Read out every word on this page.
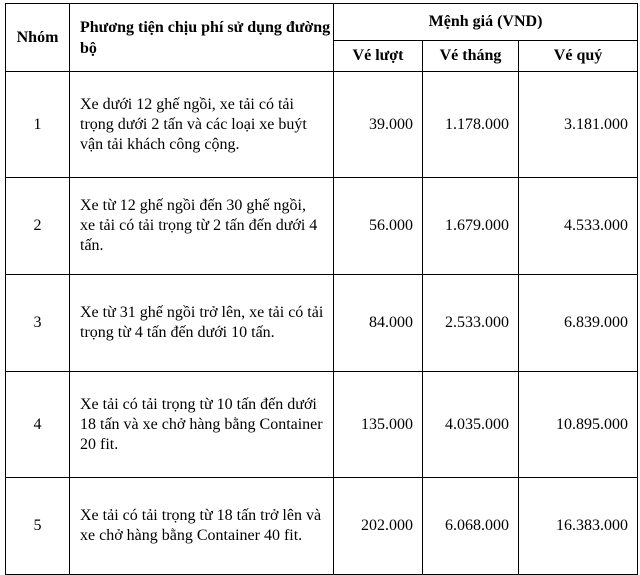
Nhóm	Phương tiện chịu phí sử dụng đường bộ	Mệnh giá (VND)		
		Vé lượt	Vé tháng	Vé quý
1	Xe dưới 12 ghế ngồi, xe tải có tải trọng dưới 2 tấn và các loại xe buýt vận tải khách công cộng.	39.000	1.178.000	3.181.000
2	Xe từ 12 ghế ngồi đến 30 ghế ngồi, xe tải có tải trọng từ 2 tấn đến dưới 4 tấn.	56.000	1.679.000	4.533.000
3	Xe từ 31 ghế ngồi trở lên, xe tải có tải trọng từ 4 tấn đến dưới 10 tấn.	84.000	2.533.000	6.839.000
4	Xe tải có tải trọng từ 10 tấn đến dưới 18 tấn và xe chở hàng bằng Container 20 fit.	135.000	4.035.000	10.895.000
5	Xe tải có tải trọng từ 18 tấn trở lên và xe chở hàng bằng Container 40 fit.	202.000	6.068.000	16.383.000
